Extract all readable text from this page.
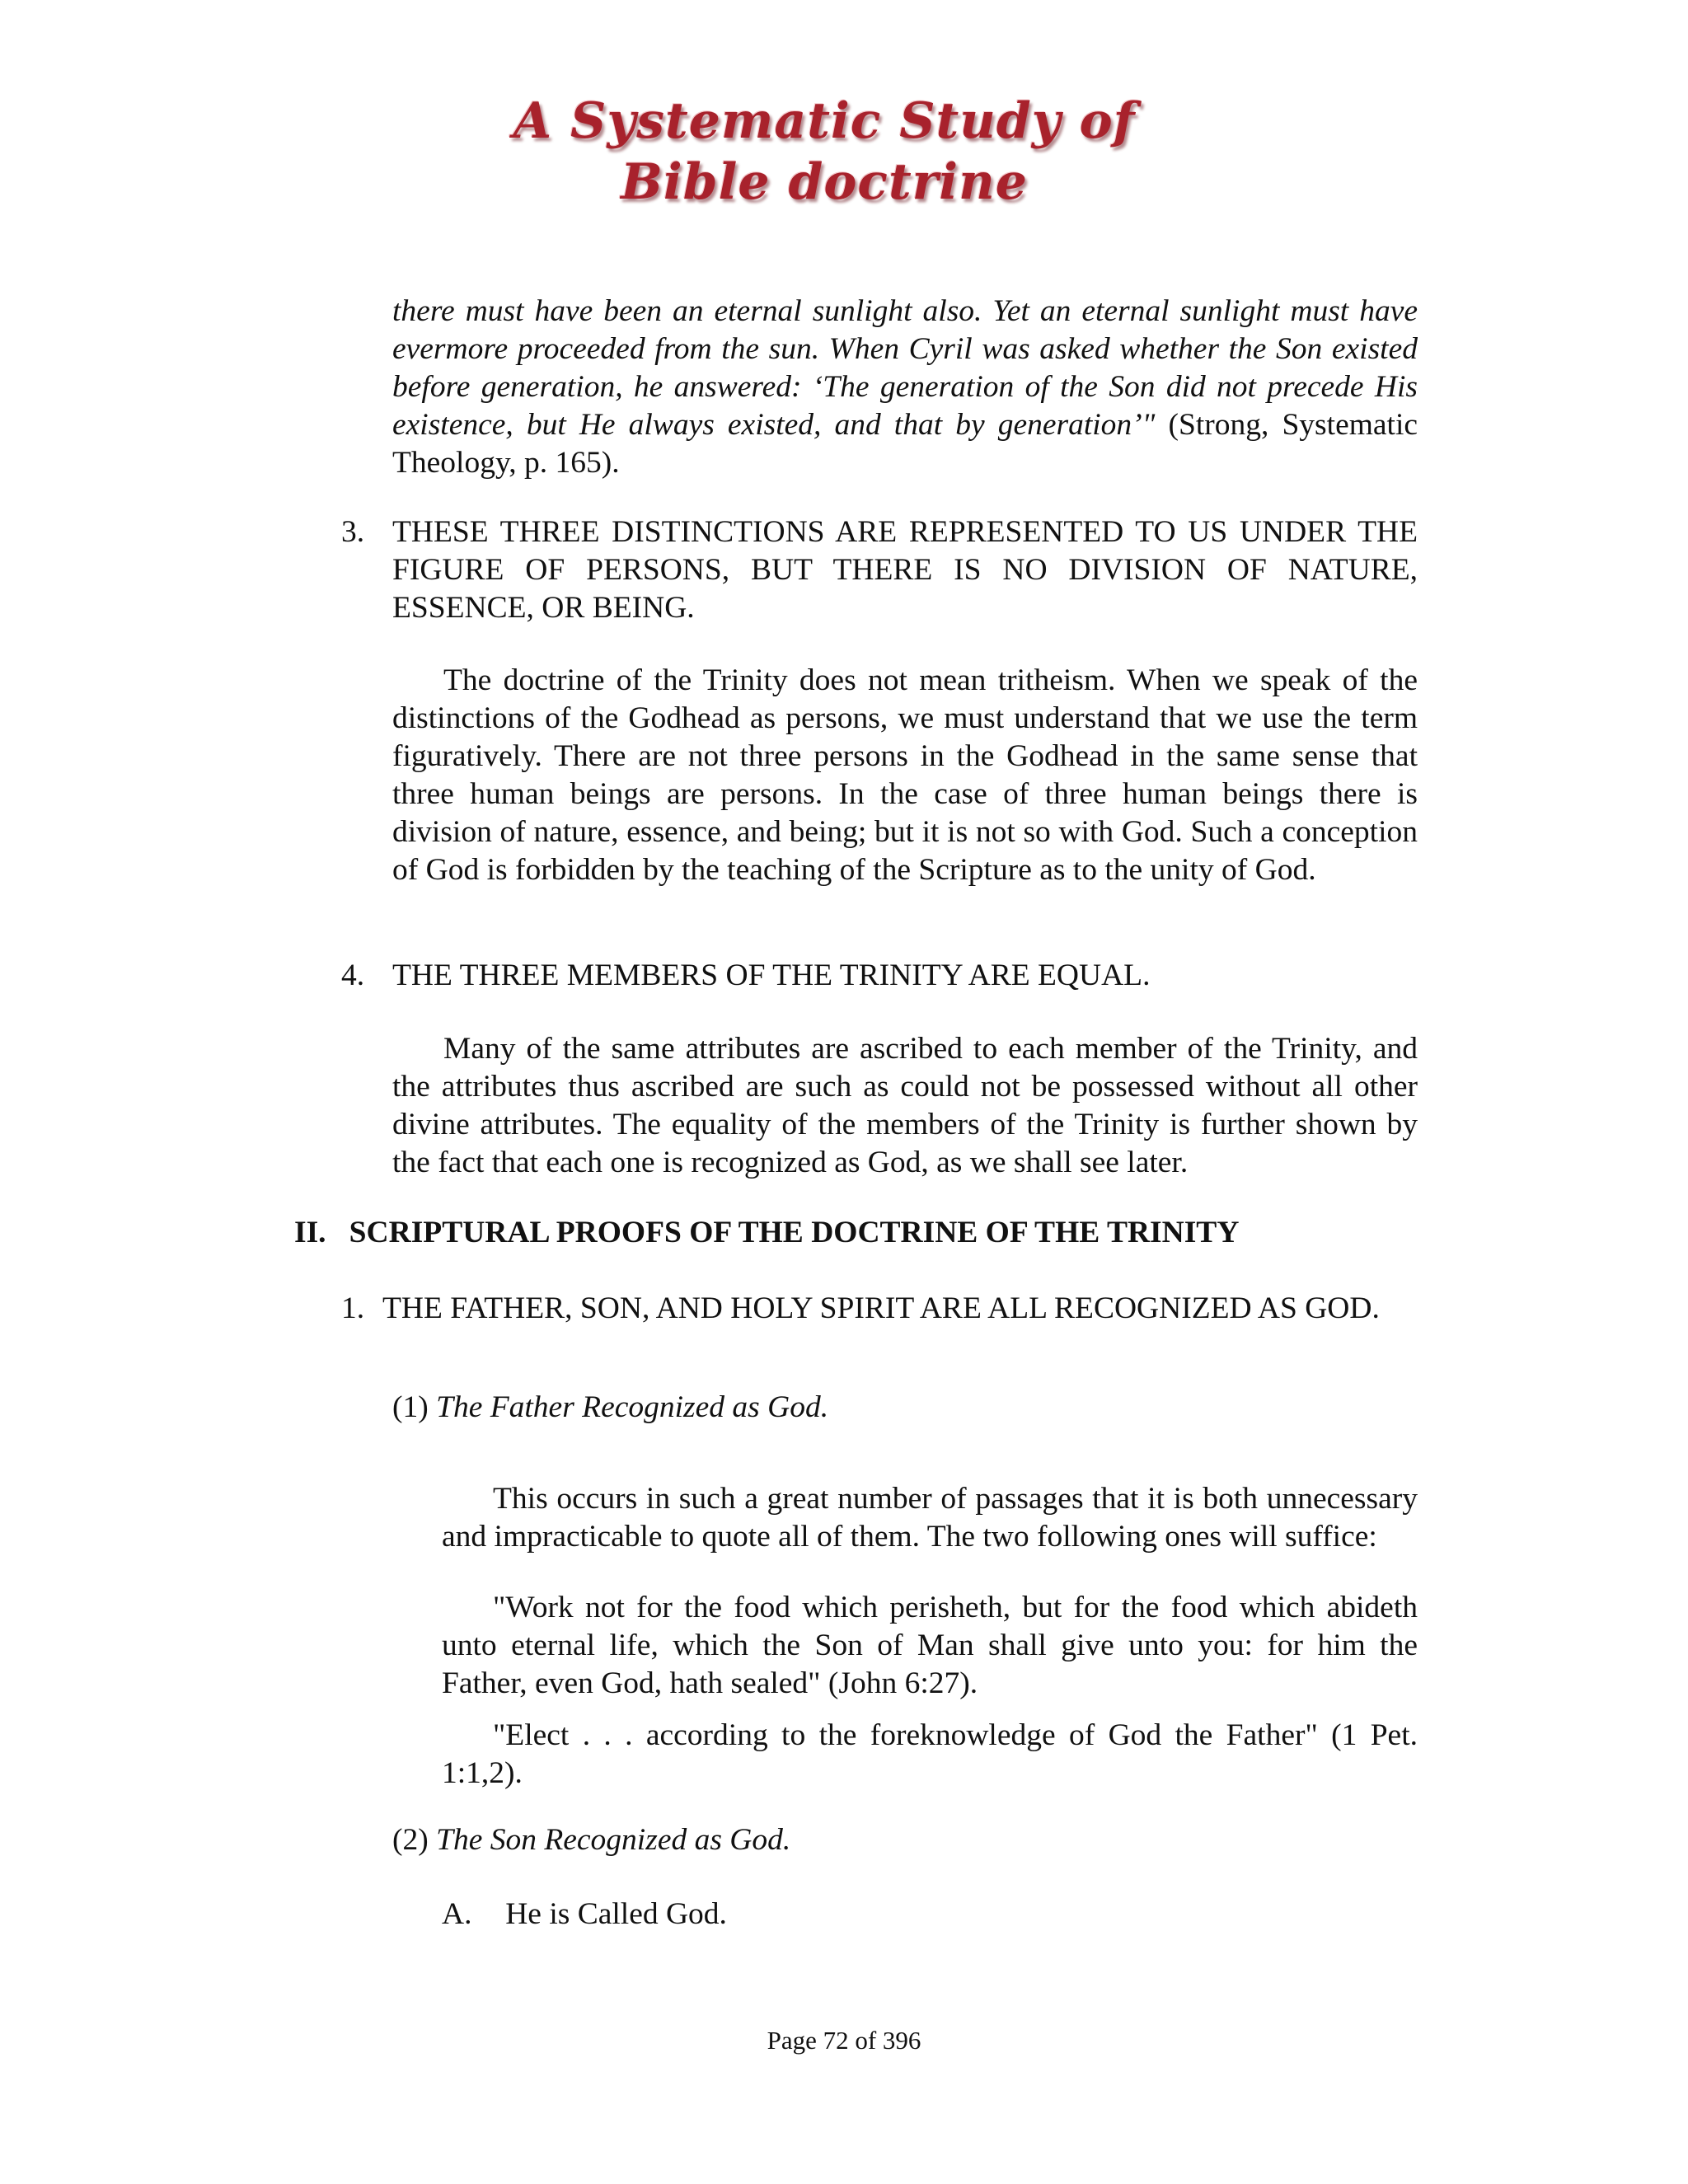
A Systematic Study of
Bible doctrine
there must have been an eternal sunlight also. Yet an eternal sunlight must have evermore proceeded from the sun. When Cyril was asked whether the Son existed before generation, he answered: ‘The generation of the Son did not precede His existence, but He always existed, and that by generation’" (Strong, Systematic Theology, p. 165).
3. THESE THREE DISTINCTIONS ARE REPRESENTED TO US UNDER THE FIGURE OF PERSONS, BUT THERE IS NO DIVISION OF NATURE, ESSENCE, OR BEING.
The doctrine of the Trinity does not mean tritheism. When we speak of the distinctions of the Godhead as persons, we must understand that we use the term figuratively. There are not three persons in the Godhead in the same sense that three human beings are persons. In the case of three human beings there is division of nature, essence, and being; but it is not so with God. Such a conception of God is forbidden by the teaching of the Scripture as to the unity of God.
4. THE THREE MEMBERS OF THE TRINITY ARE EQUAL.
Many of the same attributes are ascribed to each member of the Trinity, and the attributes thus ascribed are such as could not be possessed without all other divine attributes. The equality of the members of the Trinity is further shown by the fact that each one is recognized as God, as we shall see later.
II.   SCRIPTURAL PROOFS OF THE DOCTRINE OF THE TRINITY
1. THE FATHER, SON, AND HOLY SPIRIT ARE ALL RECOGNIZED AS GOD.
(1) The Father Recognized as God.
This occurs in such a great number of passages that it is both unnecessary and impracticable to quote all of them. The two following ones will suffice:
"Work not for the food which perisheth, but for the food which abideth unto eternal life, which the Son of Man shall give unto you: for him the Father, even God, hath sealed" (John 6:27).
"Elect . . . according to the foreknowledge of God the Father" (1 Pet. 1:1,2).
(2) The Son Recognized as God.
A. He is Called God.
Page 72 of 396
